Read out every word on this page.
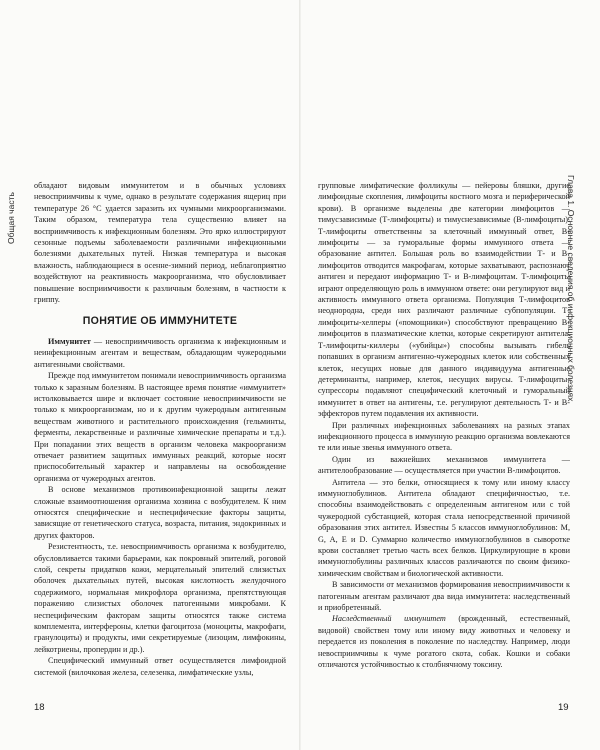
Общая часть

обладают видовым иммунитетом и в обычных условиях невосприимчивы к чуме, однако в результате содержания ящериц при температуре 26 °С удается заразить их чумными микроорганизмами. Таким образом, температура тела существенно влияет на восприимчивость к инфекционным болезням. Это ярко иллюстрируют сезонные подъемы заболеваемости различными инфекционными болезнями дыхательных путей. Низкая температура и высокая влажность, наблюдающиеся в осенне-зимний период, неблагоприятно воздействуют на реактивность макроорганизма, что обусловливает повышение восприимчивости к различным болезням, в частности к гриппу.

ПОНЯТИЕ ОБ ИММУНИТЕТЕ

Иммунитет — невосприимчивость организма к инфекционным и неинфекционным агентам и веществам, обладающим чужеродными антигенными свойствами.

Прежде под иммунитетом понимали невосприимчивость организма только к заразным болезням. В настоящее время понятие «иммунитет» истолковывается шире и включает состояние невосприимчивости не только к микроорганизмам, но и к другим чужеродным антигенным веществам животного и растительного происхождения (гельминты, ферменты, лекарственные и различные химические препараты и т.д.). При попадании этих веществ в организм человека макроорганизм отвечает развитием защитных иммунных реакций, которые носят приспособительный характер и направлены на освобождение организма от чужеродных агентов.

В основе механизмов противоинфекционной защиты лежат сложные взаимоотношения организма хозяина с возбудителем. К ним относятся специфические и неспецифические факторы защиты, зависящие от генетического статуса, возраста, питания, эндокринных и других факторов.

Резистентность, т.е. невосприимчивость организма к возбудителю, обусловливается такими барьерами, как покровный эпителий, роговой слой, секреты придатков кожи, мерцательный эпителий слизистых оболочек дыхательных путей, высокая кислотность желудочного содержимого, нормальная микрофлора организма, препятствующая поражению слизистых оболочек патогенными микробами. К неспецифическим факторам защиты относятся также система комплемента, интерфероны, клетки фагоцитоза (моноциты, макрофаги, гранулоциты) и продукты, ими секретируемые (лизоцим, лимфокины, лейкотриены, пропердин и др.).

Специфический иммунный ответ осуществляется лимфоидной системой (вилочковая железа, селезенка, лимфатические узлы,

18

групповые лимфатические фолликулы — пейеровы бляшки, другие лимфоидные скопления, лимфоциты костного мозга и периферической крови). В организме выделены две категории лимфоцитов — тимусзависимые (Т-лимфоциты) и тимуснезависимые (В-лимфоциты). Т-лимфоциты ответственны за клеточный иммунный ответ, В-лимфоциты — за гуморальные формы иммунного ответа — образование антител. Большая роль во взаимодействии Т- и В-лимфоцитов отводится макрофагам, которые захватывают, распознают антиген и передают информацию Т- и В-лимфоцитам. Т-лимфоциты играют определяющую роль в иммунном ответе: они регулируют вид и активность иммунного ответа организма. Популяция Т-лимфоцитов неоднородна, среди них различают различные субпопуляции. Т-лимфоциты-хелперы («помощники») способствуют превращению В-лимфоцитов в плазматические клетки, которые секретируют антитела. Т-лимфоциты-киллеры («убийцы») способны вызывать гибель попавших в организм антигенно-чужеродных клеток или собственных клеток, несущих новые для данного индивидуума антигенные детерминанты, например, клеток, несущих вирусы. Т-лимфоциты-супрессоры подавляют специфический клеточный и гуморальный иммунитет в ответ на антигены, т.е. регулируют деятельность Т- и В-эффекторов путем подавления их активности.

При различных инфекционных заболеваниях на разных этапах инфекционного процесса в иммунную реакцию организма вовлекаются те или иные звенья иммунного ответа.

Один из важнейших механизмов иммунитета — антителообразование — осуществляется при участии В-лимфоцитов.

Антитела — это белки, относящиеся к тому или иному классу иммуноглобулинов. Антитела обладают специфичностью, т.е. способны взаимодействовать с определенным антигеном или с той чужеродной субстанцией, которая стала непосредственной причиной образования этих антител. Известны 5 классов иммуноглобулинов: M, G, A, E и D. Суммарно количество иммуноглобулинов в сыворотке крови составляет третью часть всех белков. Циркулирующие в крови иммуноглобулины различных классов различаются по своим физико-химическим свойствам и биологической активности.

В зависимости от механизмов формирования невосприимчивости к патогенным агентам различают два вида иммунитета: наследственный и приобретенный.

Наследственный иммунитет (врожденный, естественный, видовой) свойствен тому или иному виду животных и человеку и передается из поколения в поколение по наследству. Например, люди невосприимчивы к чуме рогатого скота, собак. Кошки и собаки отличаются устойчивостью к столбнячному токсину.

19
Глава 1. Основные сведения об инфекционных болезнях
